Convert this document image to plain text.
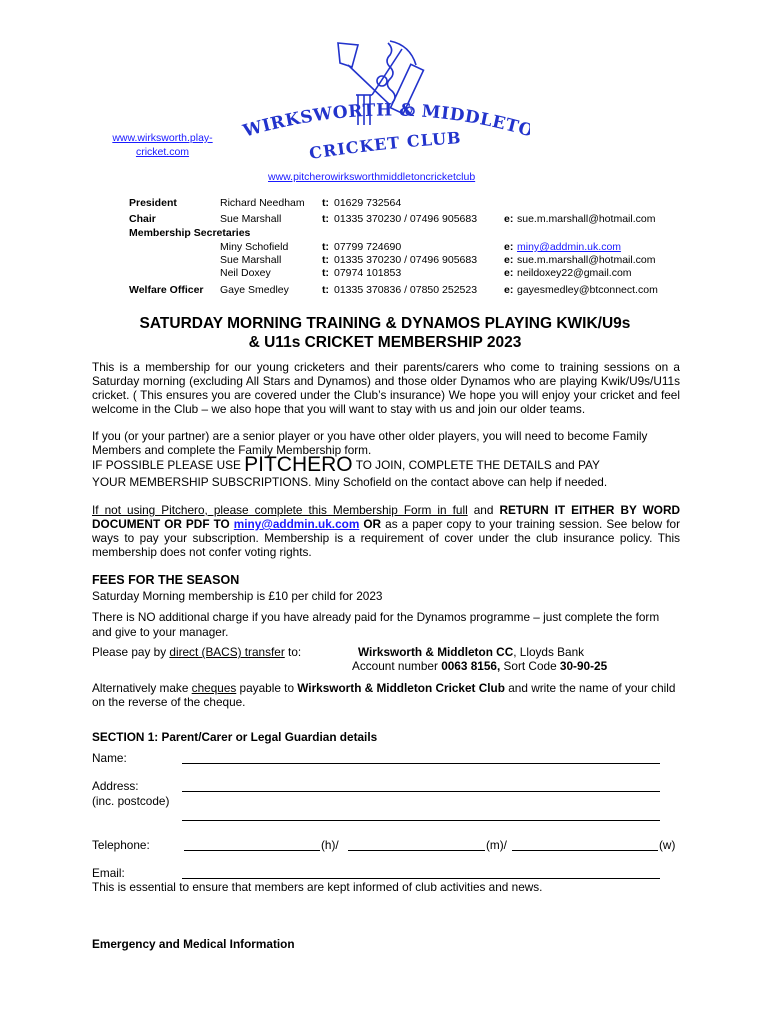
WIRKSWORTH & MIDDLET
CRICKET CLUB
www.wirksworth.play-cricket.com
www.pitcherowirksworthmiddletoncricketclub
President	Richard Needham t: 01629 732564
Chair	Sue Marshall	t: 01335 370230 / 07496 905683	e: sue.m.marshall@hotmail.com
Membership Secretaries
Miny Schofield	t: 07799 724690	e: miny@addmin.uk.com
Sue Marshall	t: 01335 370230 / 07496 905683	e: sue.m.marshall@hotmail.com
Neil Doxey	t: 07974 101853	e: neildoxey22@gmail.com
Welfare Officer Gaye Smedley	t: 01335 370836 / 07850 252523	e: gayesmedley@btconnect.com
SATURDAY MORNING TRAINING & DYNAMOS PLAYING KWIK/U9s
& U11s CRICKET MEMBERSHIP 2023
This is a membership for our young cricketers and their parents/carers who come to training sessions on a Saturday morning (excluding All Stars and Dynamos) and those older Dynamos who are playing Kwik/U9s/U11s cricket. ( This ensures you are covered under the Club’s insurance) We hope you will enjoy your cricket and feel welcome in the Club – we also hope that you will want to stay with us and join our older teams.
If you (or your partner) are a senior player or you have other older players, you will need to become Family Members and complete the Family Membership form.
IF POSSIBLE PLEASE USE PITCHERO TO JOIN, COMPLETE THE DETAILS and PAY
YOUR MEMBERSHIP SUBSCRIPTIONS. Miny Schofield on the contact above can help if needed.
If not using Pitchero, please complete this Membership Form in full and RETURN IT EITHER BY WORD DOCUMENT OR PDF TO miny@addmin.uk.com OR as a paper copy to your training session. See below for ways to pay your subscription. Membership is a requirement of cover under the club insurance policy. This membership does not confer voting rights.
FEES FOR THE SEASON
Saturday Morning membership is £10 per child for 2023
There is NO additional charge if you have already paid for the Dynamos programme – just complete the form and give to your manager.
Please pay by direct (BACS) transfer to:	Wirksworth & Middleton CC, Lloyds Bank
Account number 0063 8156, Sort Code 30-90-25
Alternatively make cheques payable to Wirksworth & Middleton Cricket Club and write the name of your child on the reverse of the cheque.
SECTION 1: Parent/Carer or Legal Guardian details
Name:
Address:
(inc. postcode)
Telephone:	(h)/	(m)/	(w)
Email:
This is essential to ensure that members are kept informed of club activities and news.
Emergency and Medical Information
